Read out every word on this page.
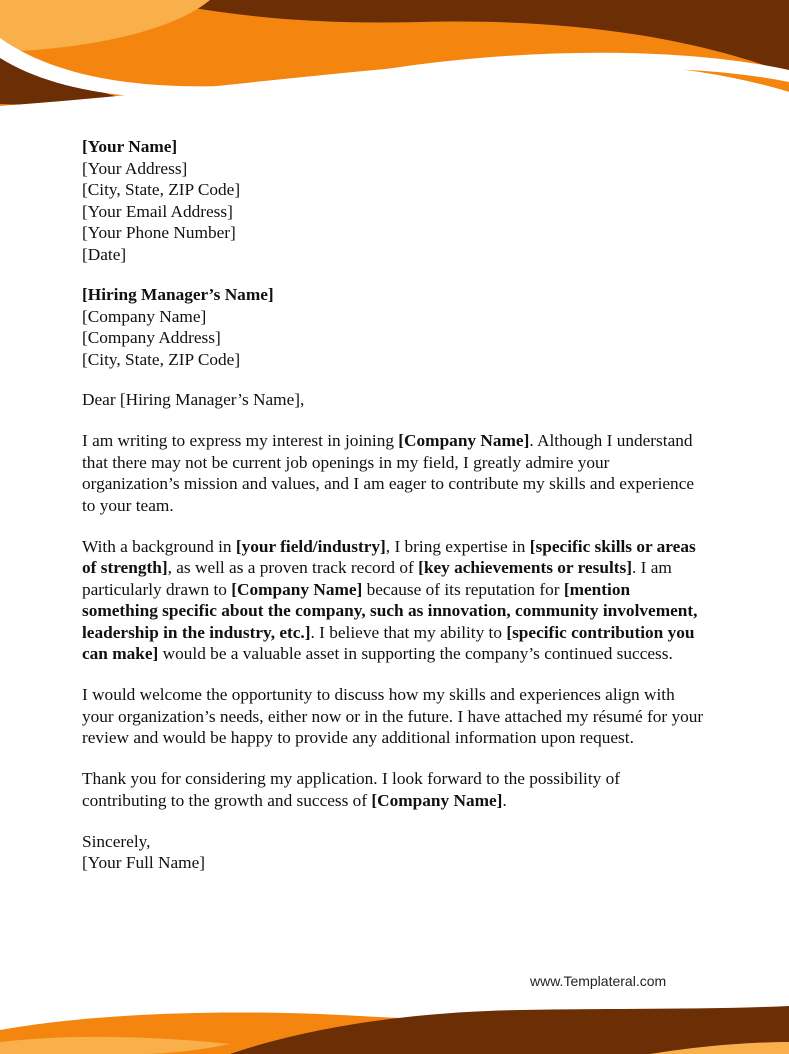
[Your Name]
[Your Address]
[City, State, ZIP Code]
[Your Email Address]
[Your Phone Number]
[Date]
[Hiring Manager’s Name]
[Company Name]
[Company Address]
[City, State, ZIP Code]

Dear [Hiring Manager’s Name],

I am writing to express my interest in joining [Company Name]. Although I understand that there may not be current job openings in my field, I greatly admire your organization’s mission and values, and I am eager to contribute my skills and experience to your team.

With a background in [your field/industry], I bring expertise in [specific skills or areas of strength], as well as a proven track record of [key achievements or results]. I am particularly drawn to [Company Name] because of its reputation for [mention something specific about the company, such as innovation, community involvement, leadership in the industry, etc.]. I believe that my ability to [specific contribution you can make] would be a valuable asset in supporting the company’s continued success.

I would welcome the opportunity to discuss how my skills and experiences align with your organization’s needs, either now or in the future. I have attached my résumé for your review and would be happy to provide any additional information upon request.

Thank you for considering my application. I look forward to the possibility of contributing to the growth and success of [Company Name].

Sincerely,
[Your Full Name]
www.Templateral.com
